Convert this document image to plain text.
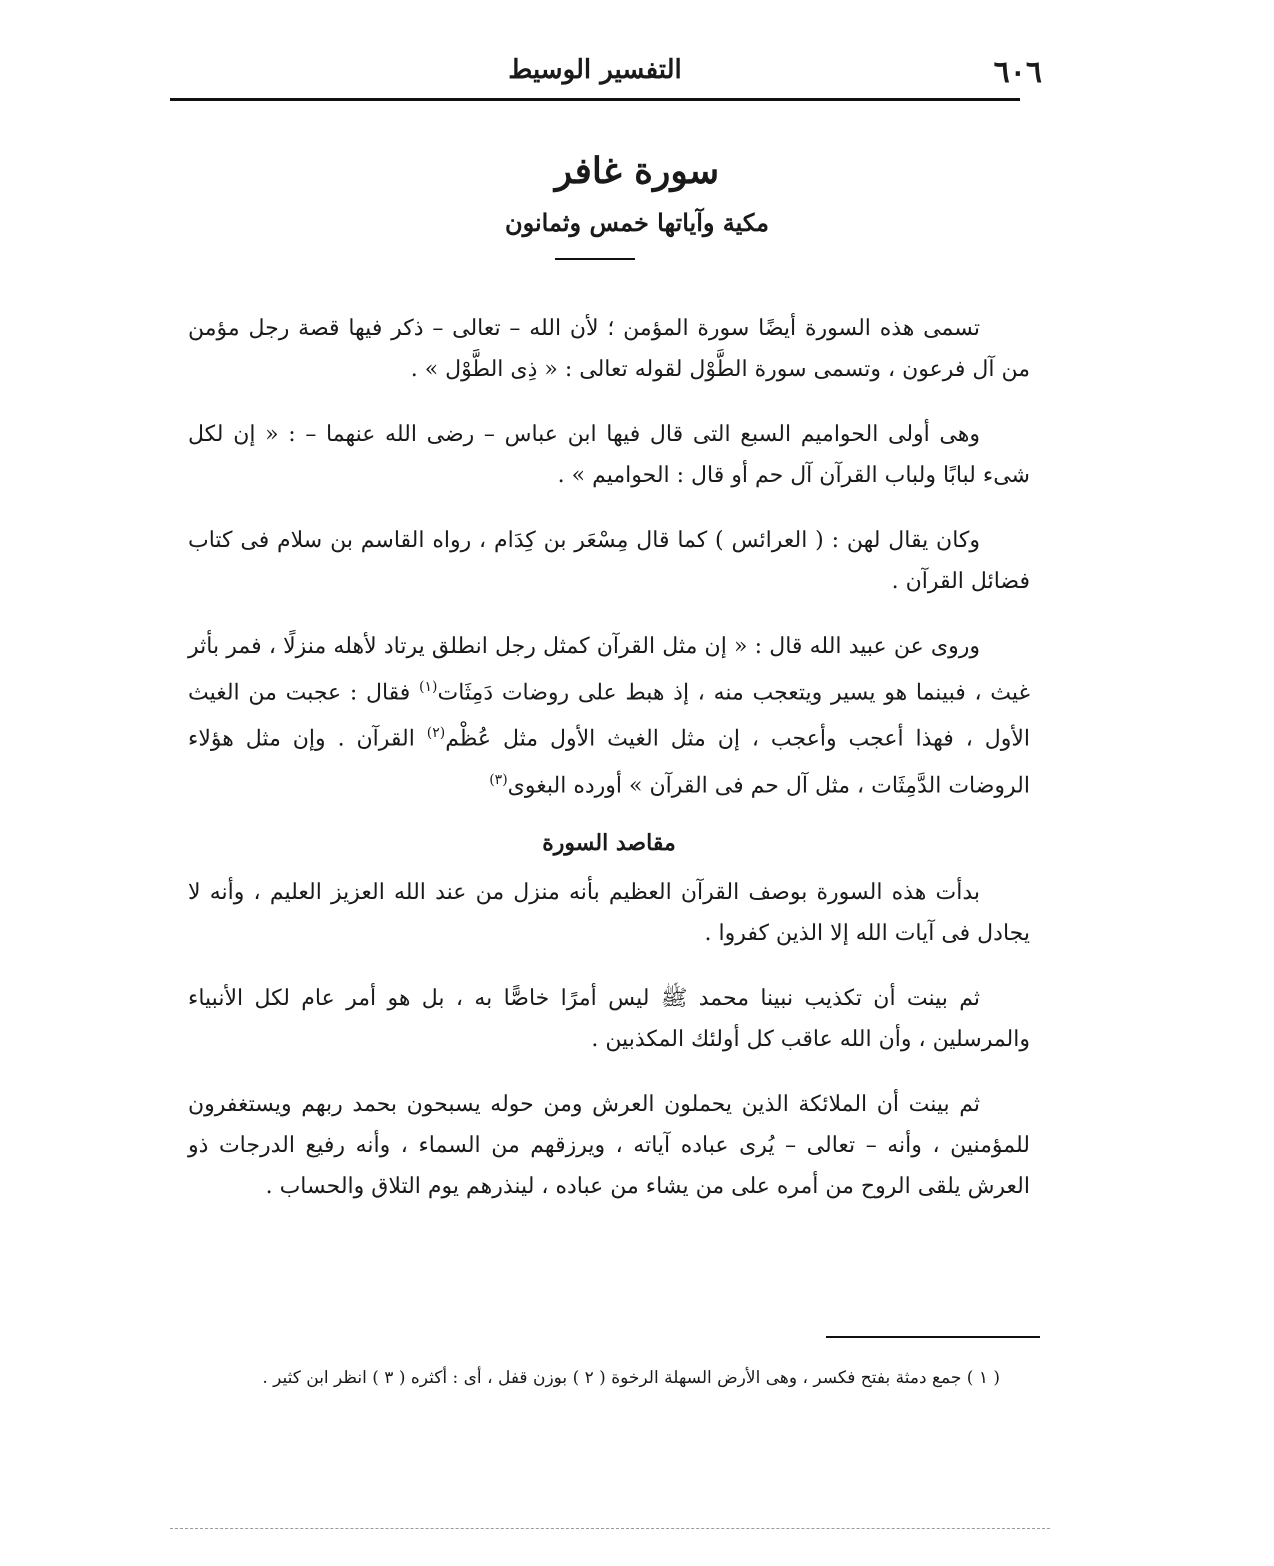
٦٠٦
التفسير الوسيط
سورة غافر
مكية وآياتها خمس وثمانون

تسمى هذه السورة أيضًا سورة المؤمن ؛ لأن الله – تعالى – ذكر فيها قصة رجل مؤمن من آل فرعون ، وتسمى سورة الطَّوْل لقوله تعالى : « ذِى الطَّوْل » .

وهى أولى الحواميم السبع التى قال فيها ابن عباس – رضى الله عنهما – : « إن لكل شىء لبابًا ولباب القرآن آل حم أو قال : الحواميم » .

وكان يقال لهن : ( العرائس ) كما قال مِسْعَر بن كِدَام ، رواه القاسم بن سلام فى كتاب فضائل القرآن .

وروى عن عبيد الله قال : « إن مثل القرآن كمثل رجل انطلق يرتاد لأهله منزلًا ، فمر بأثر غيث ، فبينما هو يسير ويتعجب منه ، إذ هبط على روضات دَمِثَات$^{(١)}$ فقال : عجبت من الغيث الأول ، فهذا أعجب وأعجب ، إن مثل الغيث الأول مثل عُظْم$^{(٢)}$ القرآن . وإن مثل هؤلاء الروضات الدَّمِثَات ، مثل آل حم فى القرآن » أورده البغوى$^{(٣)}$

مقاصد السورة

بدأت هذه السورة بوصف القرآن العظيم بأنه منزل من عند الله العزيز العليم ، وأنه لا يجادل فى آيات الله إلا الذين كفروا .

ثم بينت أن تكذيب نبينا محمد ﷺ ليس أمرًا خاصًّا به ، بل هو أمر عام لكل الأنبياء والمرسلين ، وأن الله عاقب كل أولئك المكذبين .

ثم بينت أن الملائكة الذين يحملون العرش ومن حوله يسبحون بحمد ربهم ويستغفرون للمؤمنين ، وأنه – تعالى – يُرى عباده آياته ، ويرزقهم من السماء ، وأنه رفيع الدرجات ذو العرش يلقى الروح من أمره على من يشاء من عباده ، لينذرهم يوم التلاق والحساب .

( ١ ) جمع دمثة بفتح فكسر ، وهى الأرض السهلة الرخوة ( ٢ ) بوزن قفل ، أى : أكثره ( ٣ ) انظر ابن كثير .
